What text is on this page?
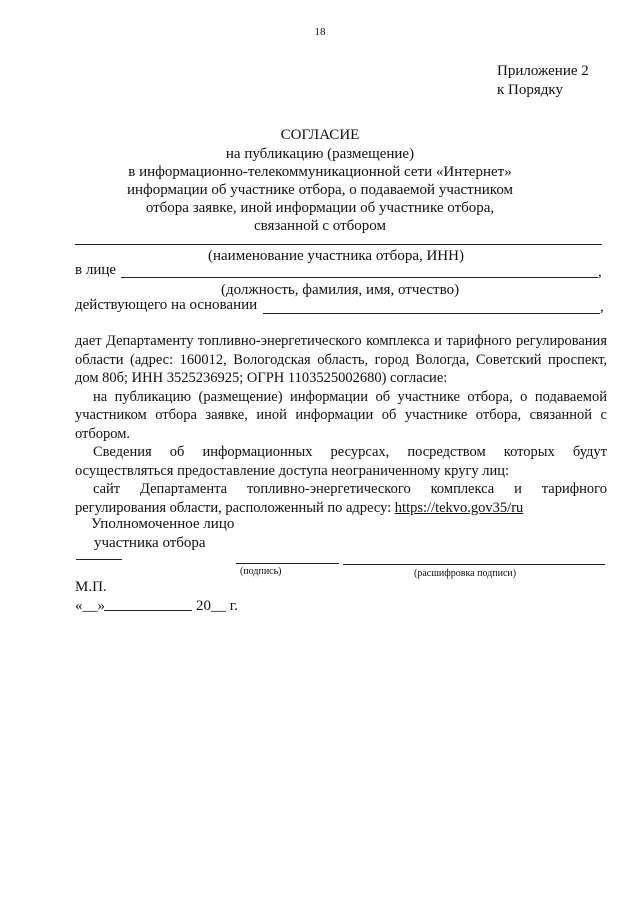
18
Приложение 2
к Порядку
СОГЛАСИЕ
на публикацию (размещение)
в информационно-телекоммуникационной сети «Интернет»
информации об участнике отбора, о подаваемой участником
отбора заявке, иной информации об участнике отбора,
связанной с отбором
(наименование участника отбора, ИНН)
в лице	,
(должность, фамилия, имя, отчество)
действующего на основании	,
дает Департаменту топливно-энергетического комплекса и тарифного регулирования области (адрес: 160012, Вологодская область, город Вологда, Советский проспект, дом 80б; ИНН 3525236925; ОГРН 1103525002680) согласие:
на публикацию (размещение) информации об участнике отбора, о подаваемой участником отбора заявке, иной информации об участнике отбора, связанной с отбором.
Сведения об информационных ресурсах, посредством которых будут осуществляться предоставление доступа неограниченному кругу лиц:
сайт Департамента топливно-энергетического комплекса и тарифного регулирования области, расположенный по адресу: https://tekvo.gov35/ru
Уполномоченное лицо
участника отбора
(подпись)	(расшифровка подписи)
М.П.
«__»	20__ г.
